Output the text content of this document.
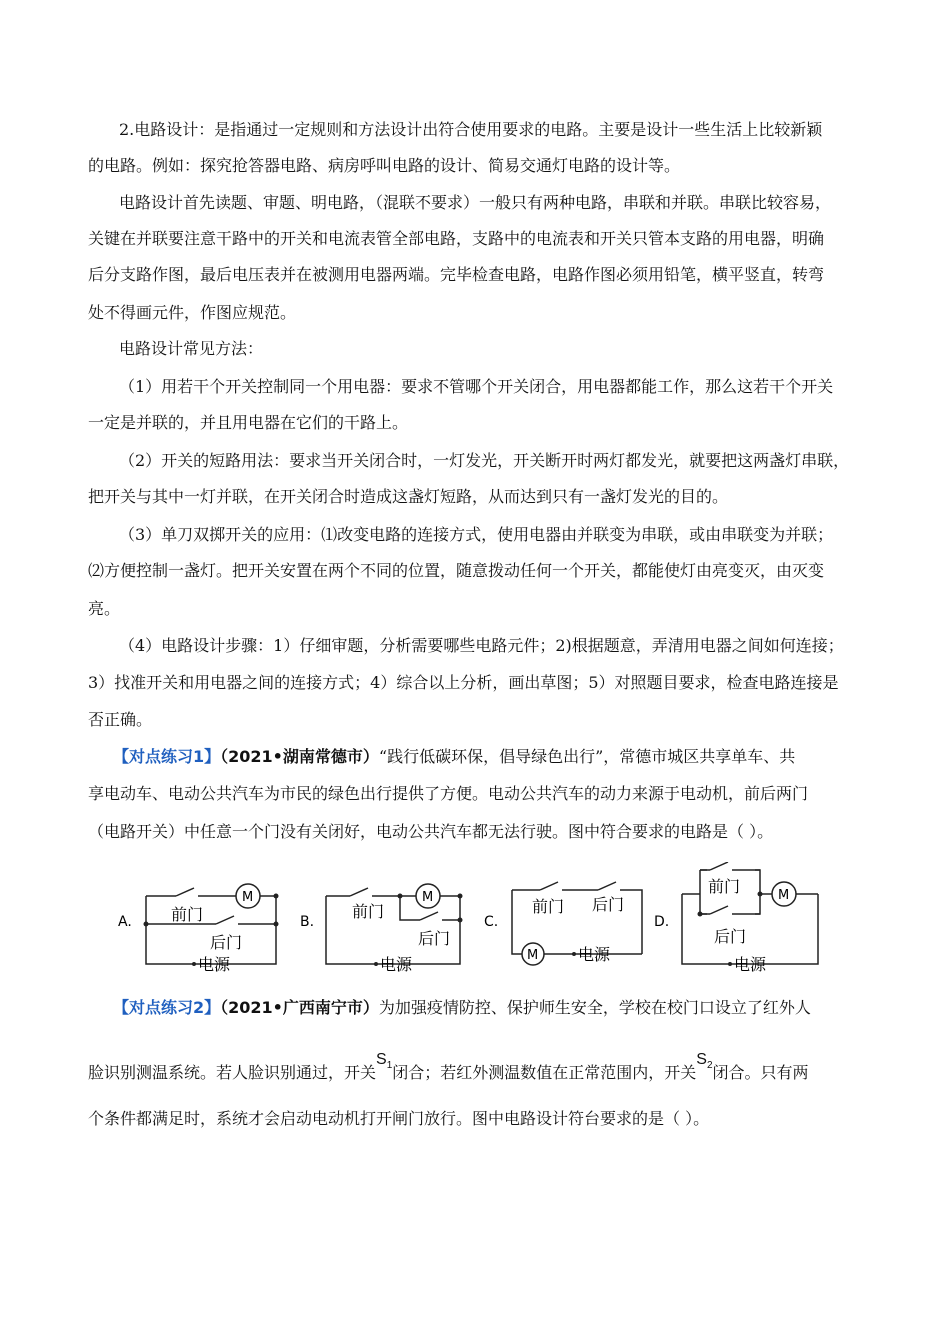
2.电路设计：是指通过一定规则和方法设计出符合使用要求的电路。主要是设计一些生活上比较新颖
的电路。例如：探究抢答器电路、病房呼叫电路的设计、简易交通灯电路的设计等。
电路设计首先读题、审题、明电路，（混联不要求）一般只有两种电路，串联和并联。串联比较容易，
关键在并联要注意干路中的开关和电流表管全部电路，支路中的电流表和开关只管本支路的用电器，明确
后分支路作图，最后电压表并在被测用电器两端。完毕检查电路，电路作图必须用铅笔，横平竖直，转弯
处不得画元件，作图应规范。
电路设计常见方法：
（1）用若干个开关控制同一个用电器：要求不管哪个开关闭合，用电器都能工作，那么这若干个开关
一定是并联的，并且用电器在它们的干路上。
（2）开关的短路用法：要求当开关闭合时，一灯发光，开关断开时两灯都发光，就要把这两盏灯串联，
把开关与其中一灯并联，在开关闭合时造成这盏灯短路，从而达到只有一盏灯发光的目的。
（3）单刀双掷开关的应用：⑴改变电路的连接方式，使用电器由并联变为串联，或由串联变为并联；
⑵方便控制一盏灯。把开关安置在两个不同的位置，随意拨动任何一个开关，都能使灯由亮变灭，由灭变
亮。
（4）电路设计步骤：1）仔细审题，分析需要哪些电路元件；2)根据题意，弄清用电器之间如何连接；
3）找准开关和用电器之间的连接方式；4）综合以上分析，画出草图；5）对照题目要求，检查电路连接是
否正确。
【对点练习1】（2021•湖南常德市）“践行低碳环保，倡导绿色出行”，常德市城区共享单车、共
享电动车、电动公共汽车为市民的绿色出行提供了方便。电动公共汽车的动力来源于电动机，前后两门
（电路开关）中任意一个门没有关闭好，电动公共汽车都无法行驶。图中符合要求的电路是（ ）。
A.
M
前门
后门
电源
B.
M
前门
后门
电源
C.
M
前门 后门
电源
D.
M
前门
后门
电源
【对点练习2】（2021•广西南宁市）为加强疫情防控、保护师生安全，学校在校门口设立了红外人
脸识别测温系统。若人脸识别通过，开关$S_1$闭合；若红外测温数值在正常范围内，开关$S_2$闭合。只有两
个条件都满足时，系统才会启动电动机打开闸门放行。图中电路设计符台要求的是（ ）。
